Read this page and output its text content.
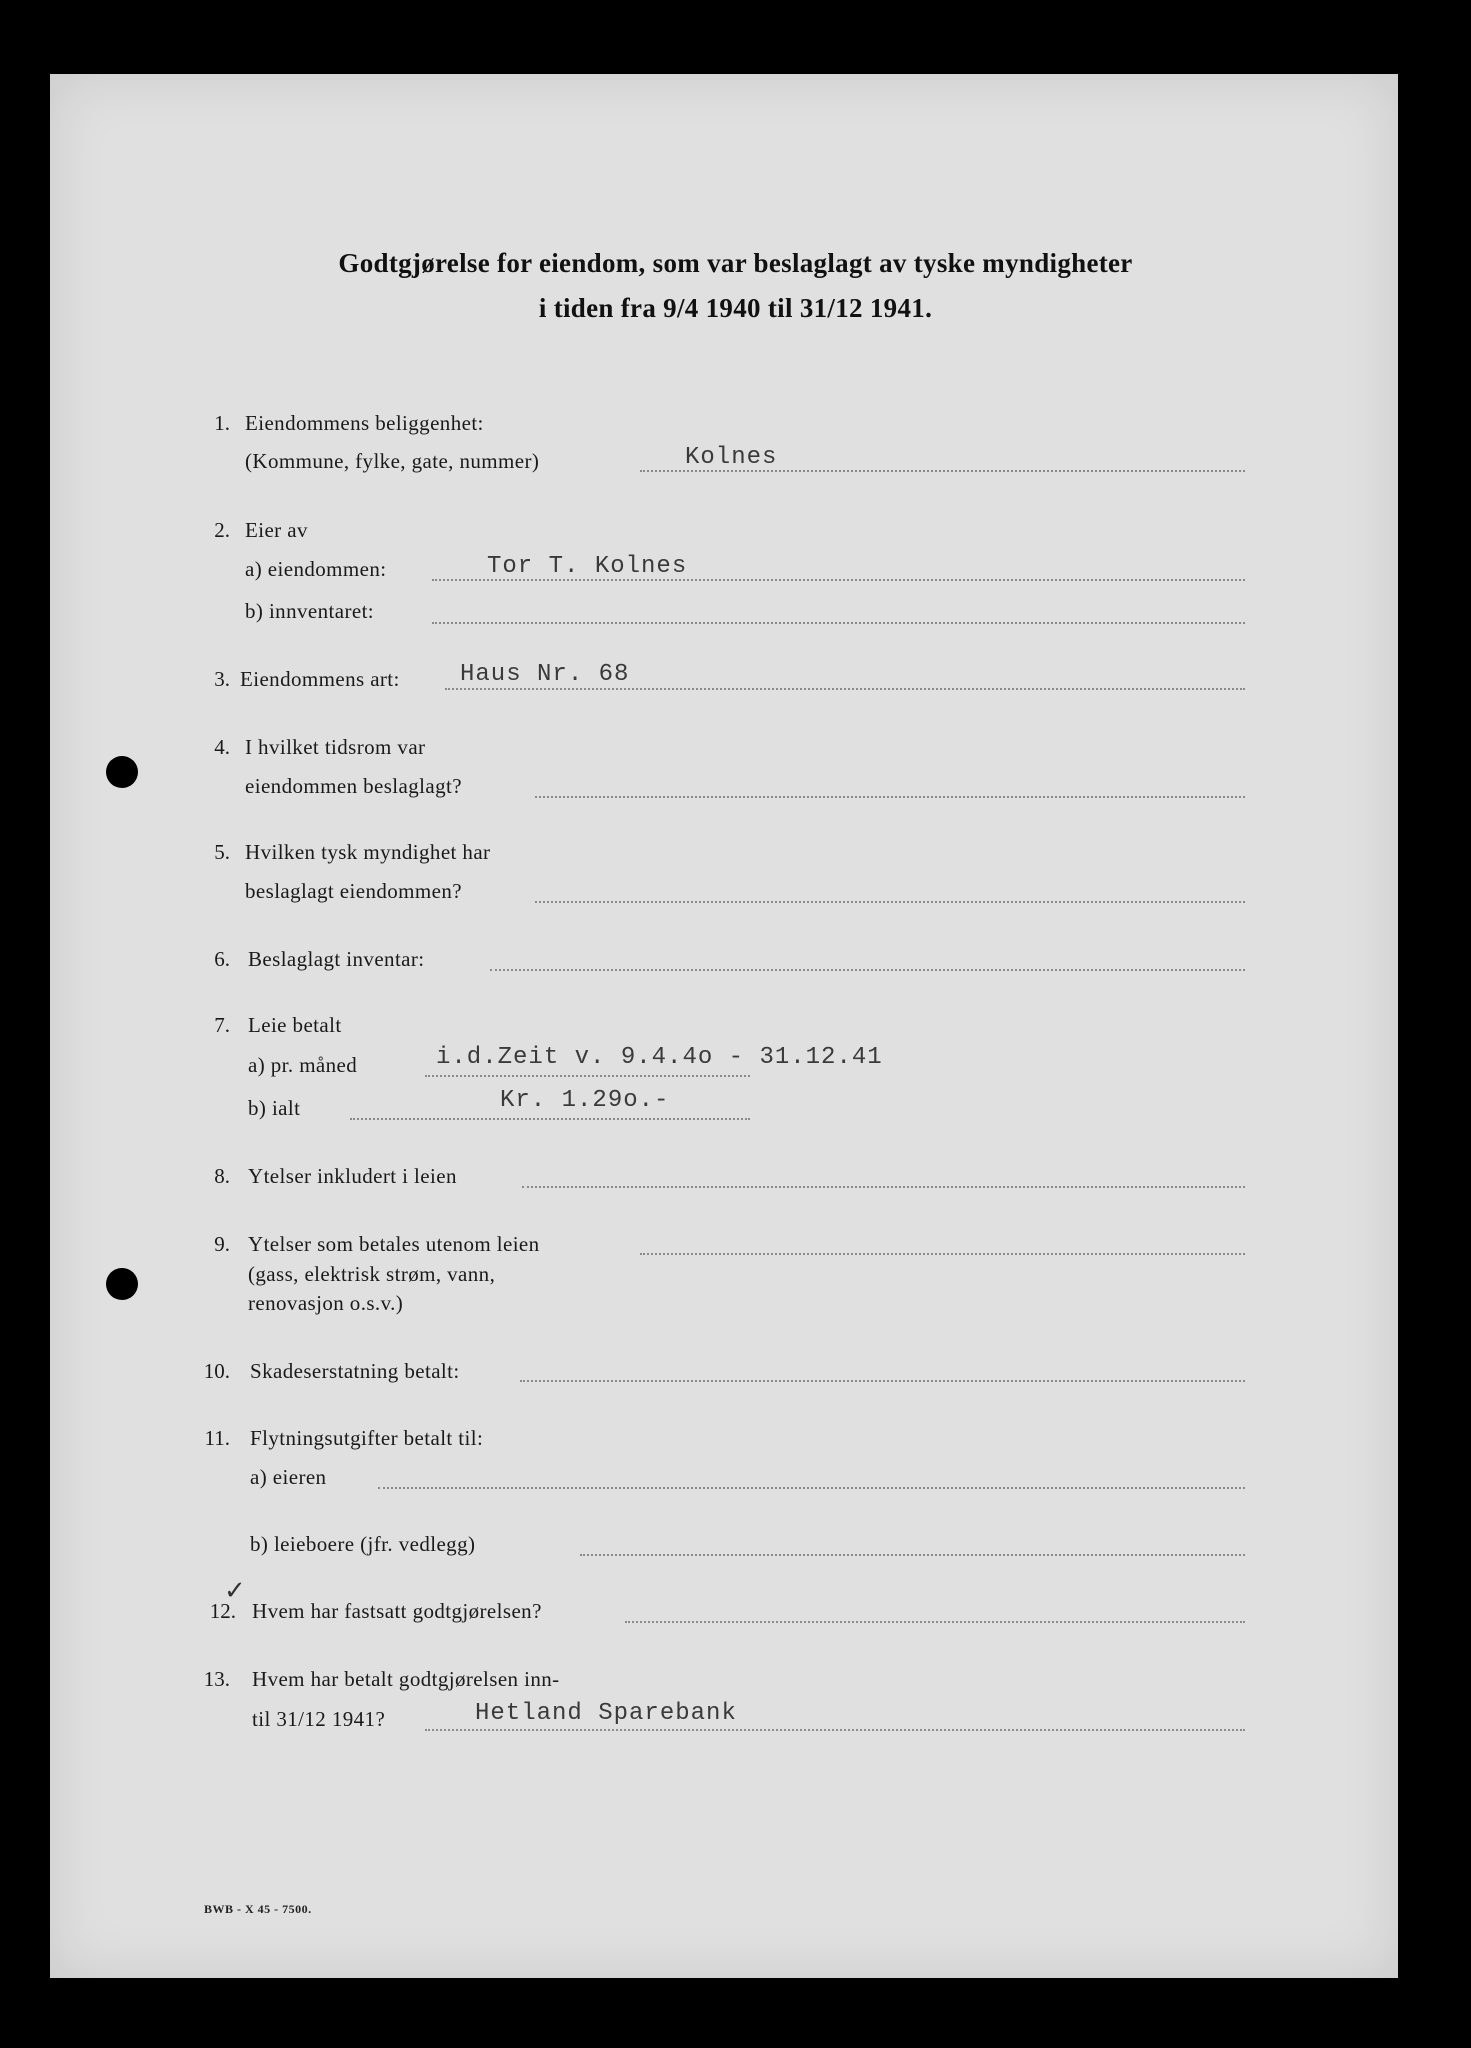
Godtgjørelse for eiendom, som var beslaglagt av tyske myndigheter
i tiden fra 9/4 1940 til 31/12 1941.
1. Eiendommens beliggenhet:
(Kommune, fylke, gate, nummer)	Kolnes
2. Eier av
a) eiendommen:	Tor T. Kolnes
b) innventaret:
3. Eiendommens art:	Haus Nr. 68
4. I hvilket tidsrom var
eiendommen beslaglagt?
5. Hvilken tysk myndighet har
beslaglagt eiendommen?
6. Beslaglagt inventar:
7. Leie betalt
a) pr. måned	i.d.Zeit v. 9.4.4o - 31.12.41
b) ialt	Kr. 1.29o.-
8. Ytelser inkludert i leien
9. Ytelser som betales utenom leien
(gass, elektrisk strøm, vann,
renovasjon o.s.v.)
10. Skadeserstatning betalt:
11. Flytningsutgifter betalt til:
a) eieren
b) leieboere (jfr. vedlegg)
✓
12. Hvem har fastsatt godtgjørelsen?
13. Hvem har betalt godtgjørelsen inn-
til 31/12 1941?	Hetland Sparebank
BWB - X 45 - 7500.
